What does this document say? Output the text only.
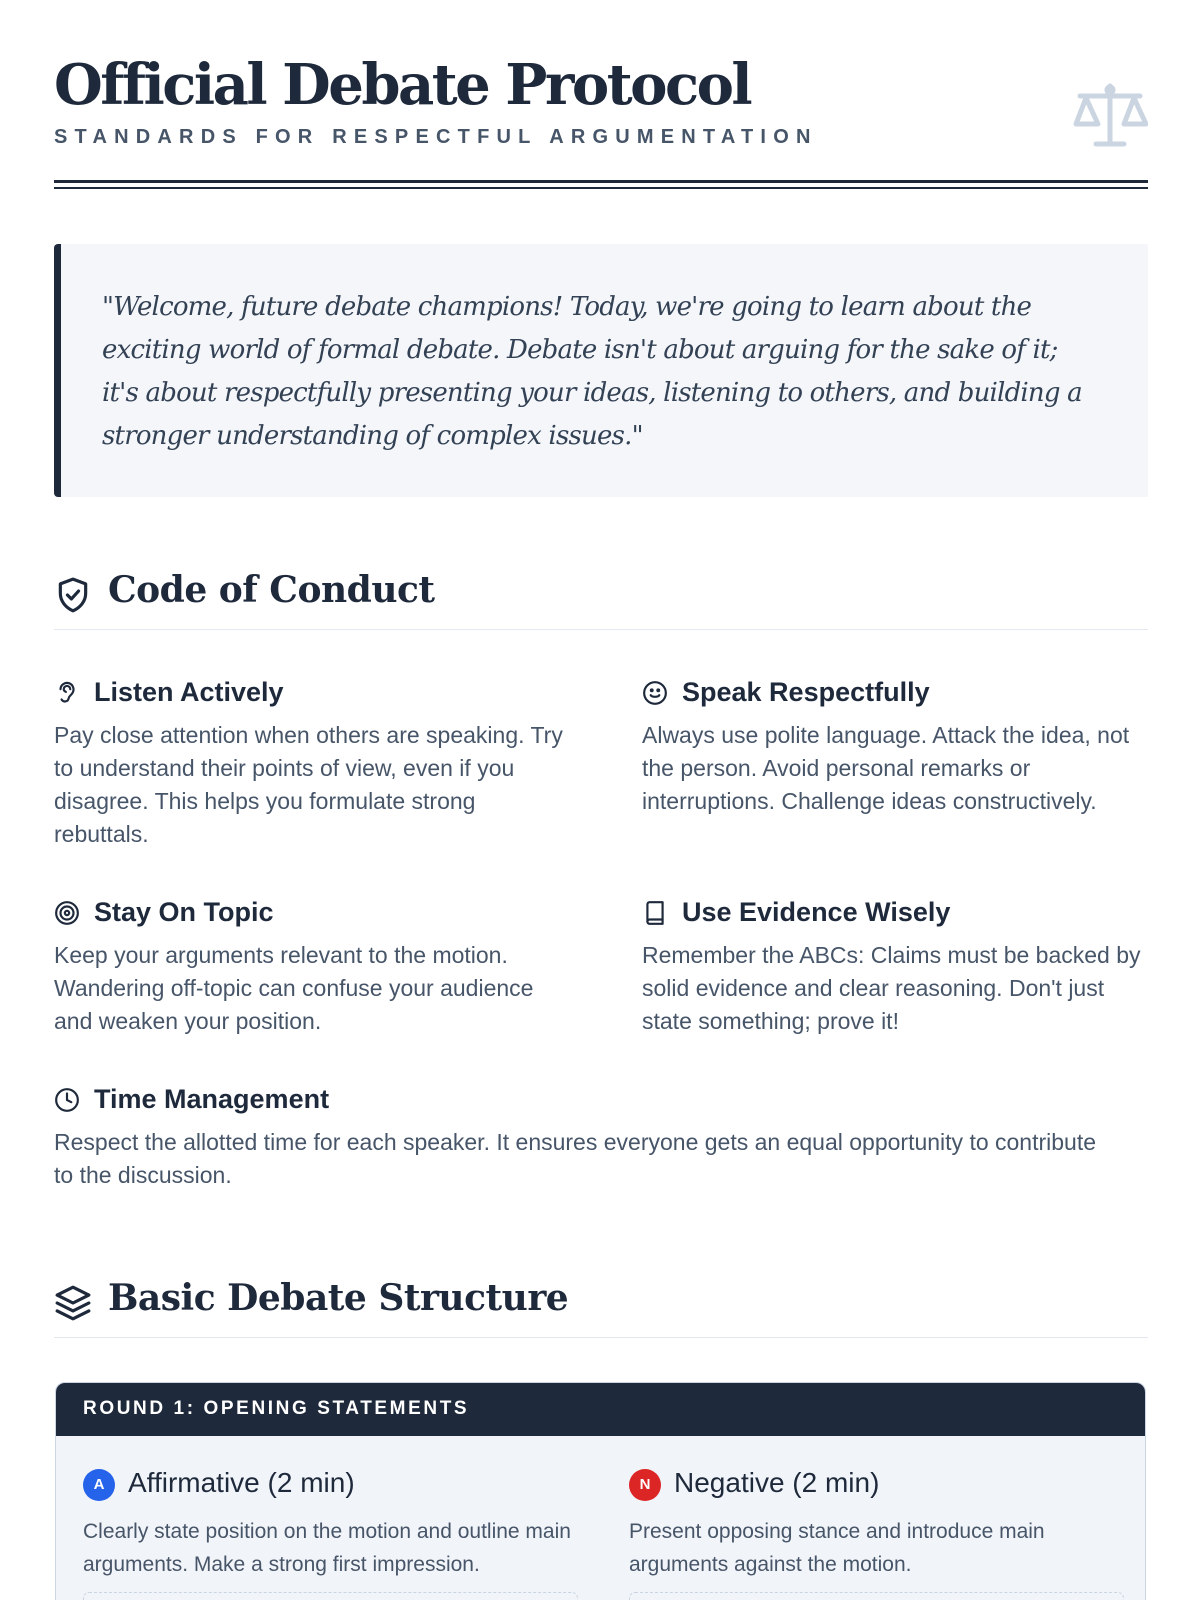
Official Debate Protocol
STANDARDS FOR RESPECTFUL ARGUMENTATION

"Welcome, future debate champions! Today, we're going to learn about the exciting world of formal debate. Debate isn't about arguing for the sake of it; it's about respectfully presenting your ideas, listening to others, and building a stronger understanding of complex issues."

Code of Conduct
Listen Actively

Pay close attention when others are speaking. Try to understand their points of view, even if you disagree. This helps you formulate strong rebuttals.

Speak Respectfully

Always use polite language. Attack the idea, not the person. Avoid personal remarks or interruptions. Challenge ideas constructively.

Stay On Topic

Keep your arguments relevant to the motion. Wandering off-topic can confuse your audience and weaken your position.

Use Evidence Wisely

Remember the ABCs: Claims must be backed by solid evidence and clear reasoning. Don't just state something; prove it!

Time Management

Respect the allotted time for each speaker. It ensures everyone gets an equal opportunity to contribute to the discussion.

Basic Debate Structure
ROUND 1: OPENING STATEMENTS
A Affirmative (2 min)

Clearly state position on the motion and outline main arguments. Make a strong first impression.

N Negative (2 min)

Present opposing stance and introduce main arguments against the motion.
